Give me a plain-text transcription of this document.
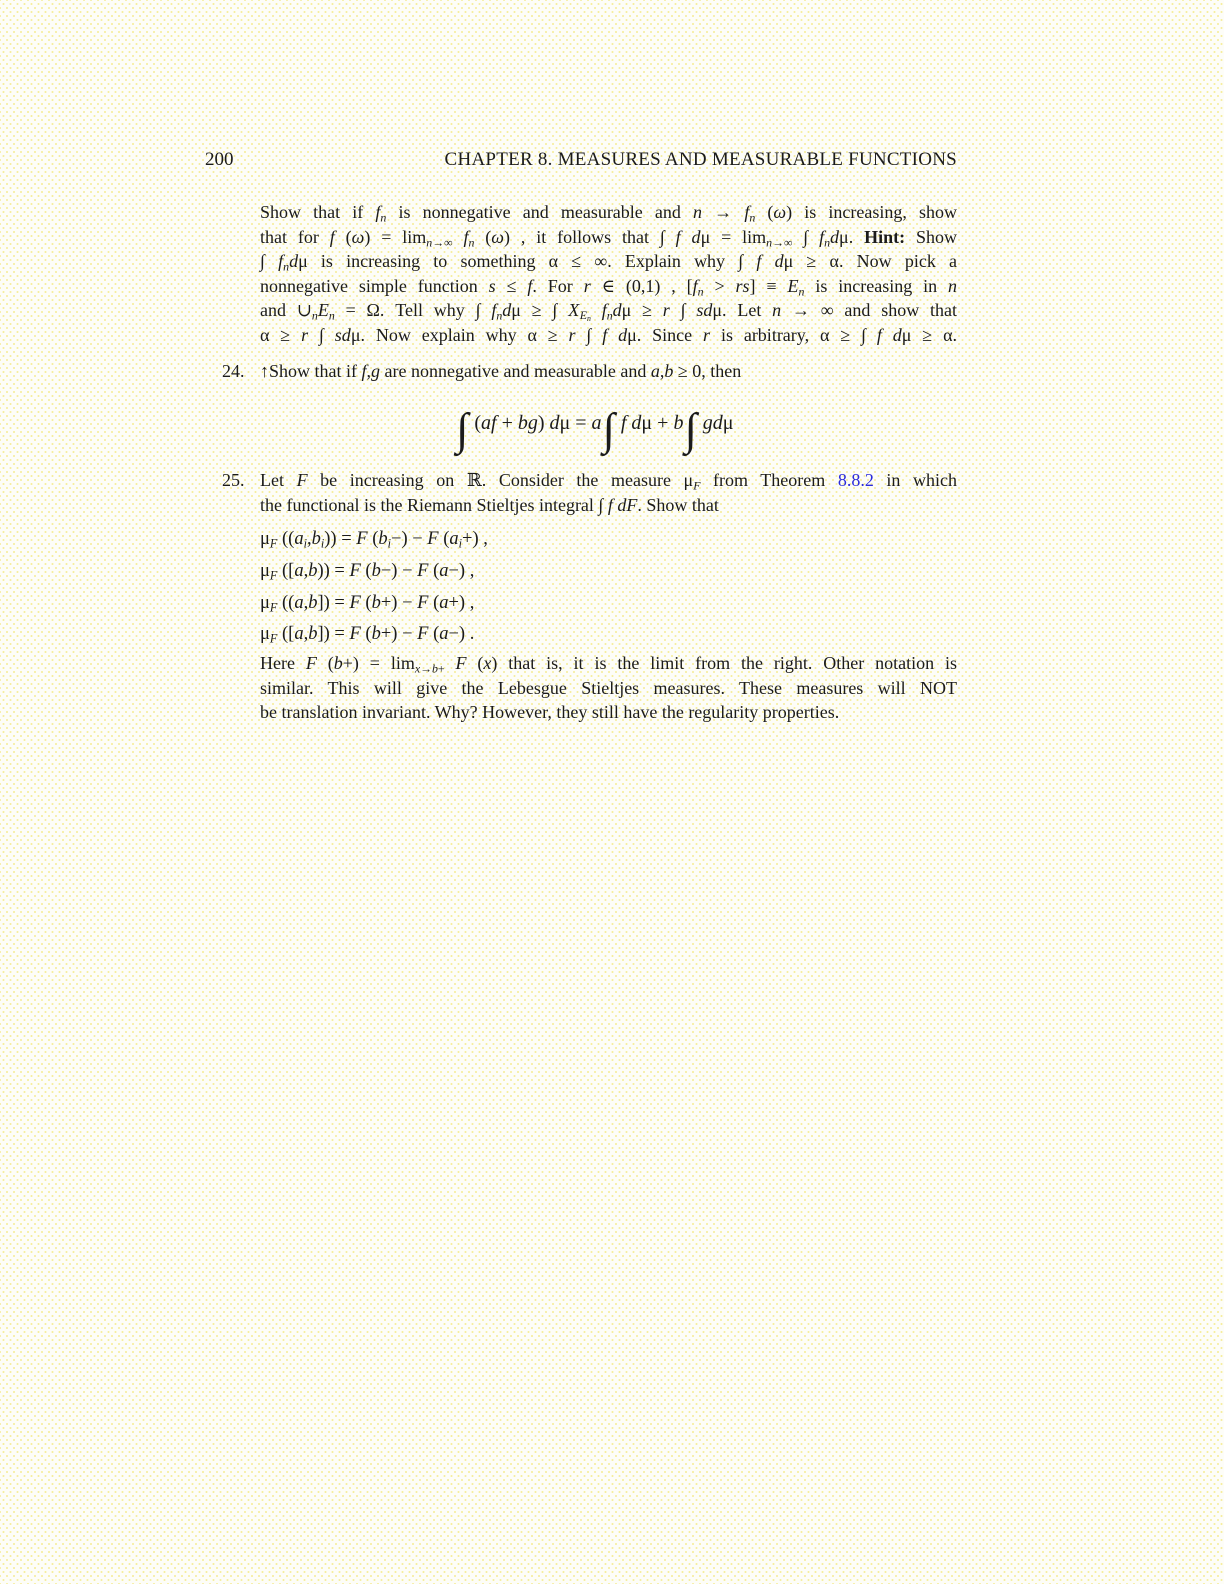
200	CHAPTER 8. MEASURES AND MEASURABLE FUNCTIONS
Show that if fn is nonnegative and measurable and n → fn (ω) is increasing, show
that for f (ω) = limn→∞ fn (ω) , it follows that ∫ f dμ = limn→∞ ∫ fndμ. Hint: Show
∫ fndμ is increasing to something α ≤ ∞. Explain why ∫ f dμ ≥ α. Now pick a
nonnegative simple function s ≤ f. For r ∈ (0,1) , [fn > rs] ≡ En is increasing in n
and ∪nEn = Ω. Tell why ∫ fndμ ≥ ∫ XEn fndμ ≥ r ∫ sdμ. Let n → ∞ and show that
α ≥ r ∫ sdμ. Now explain why α ≥ r ∫ f dμ. Since r is arbitrary, α ≥ ∫ f dμ ≥ α.
24. ↑Show that if f,g are nonnegative and measurable and a,b ≥ 0, then
∫ (af + bg) dμ = a∫ f dμ + b∫ gdμ
25. Let F be increasing on ℝ. Consider the measure μF from Theorem 8.8.2 in which
the functional is the Riemann Stieltjes integral ∫ f dF. Show that
μF ((ai,bi)) = F (bi−) − F (ai+) ,
μF ([a,b)) = F (b−) − F (a−) ,
μF ((a,b]) = F (b+) − F (a+) ,
μF ([a,b]) = F (b+) − F (a−) .
Here F (b+) = limx→b+ F (x) that is, it is the limit from the right. Other notation is
similar. This will give the Lebesgue Stieltjes measures. These measures will NOT
be translation invariant. Why? However, they still have the regularity properties.
